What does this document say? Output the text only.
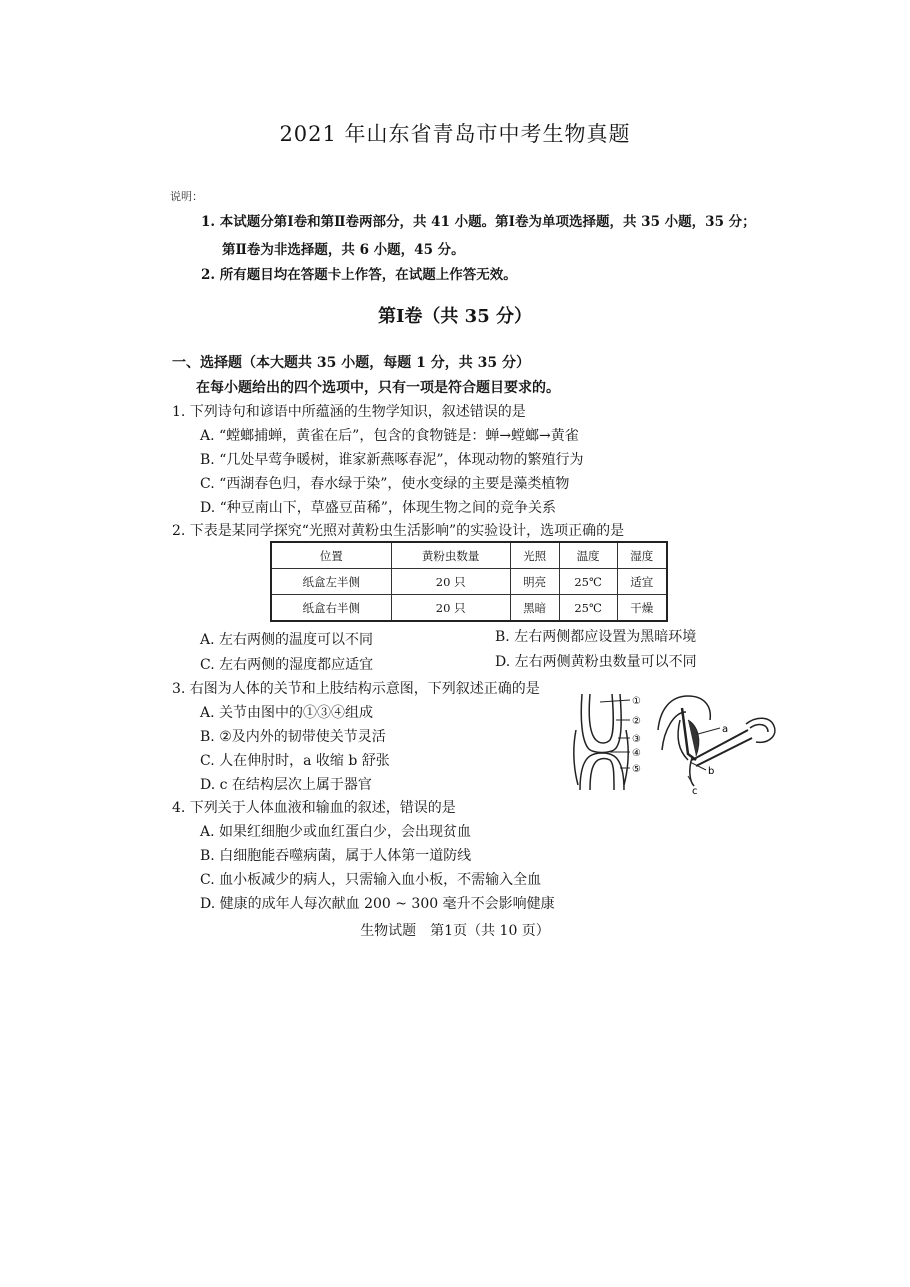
2021 年山东省青岛市中考生物真题
说明：
1. 本试题分第Ⅰ卷和第Ⅱ卷两部分，共 41 小题。第Ⅰ卷为单项选择题，共 35 小题，35 分；
第Ⅱ卷为非选择题，共 6 小题，45 分。
2. 所有题目均在答题卡上作答，在试题上作答无效。
第Ⅰ卷（共 35 分）
一、选择题（本大题共 35 小题，每题 1 分，共 35 分）
在每小题给出的四个选项中，只有一项是符合题目要求的。
1. 下列诗句和谚语中所蕴涵的生物学知识，叙述错误的是
A. “螳螂捕蝉，黄雀在后”，包含的食物链是：蝉→螳螂→黄雀
B. “几处早莺争暖树，谁家新燕啄春泥”，体现动物的繁殖行为
C. “西湖春色归，春水绿于染”，使水变绿的主要是藻类植物
D. “种豆南山下，草盛豆苗稀”，体现生物之间的竞争关系
2. 下表是某同学探究“光照对黄粉虫生活影响”的实验设计，选项正确的是
位置	黄粉虫数量	光照	温度	湿度
纸盒左半侧	20 只	明亮	25℃	适宜
纸盒右半侧	20 只	黑暗	25℃	干燥
A. 左右两侧的温度可以不同	B. 左右两侧都应设置为黑暗环境
C. 左右两侧的湿度都应适宜	D. 左右两侧黄粉虫数量可以不同
3. 右图为人体的关节和上肢结构示意图，下列叙述正确的是
A. 关节由图中的①③④组成
B. ②及内外的韧带使关节灵活
C. 人在伸肘时，a 收缩 b 舒张
D. c 在结构层次上属于器官
①
②
③
④
⑤
a
b
c
4. 下列关于人体血液和输血的叙述，错误的是
A. 如果红细胞少或血红蛋白少，会出现贫血
B. 白细胞能吞噬病菌，属于人体第一道防线
C. 血小板减少的病人，只需输入血小板，不需输入全血
D. 健康的成年人每次献血 200 ~ 300 毫升不会影响健康
生物试题　第1页（共 10 页）
